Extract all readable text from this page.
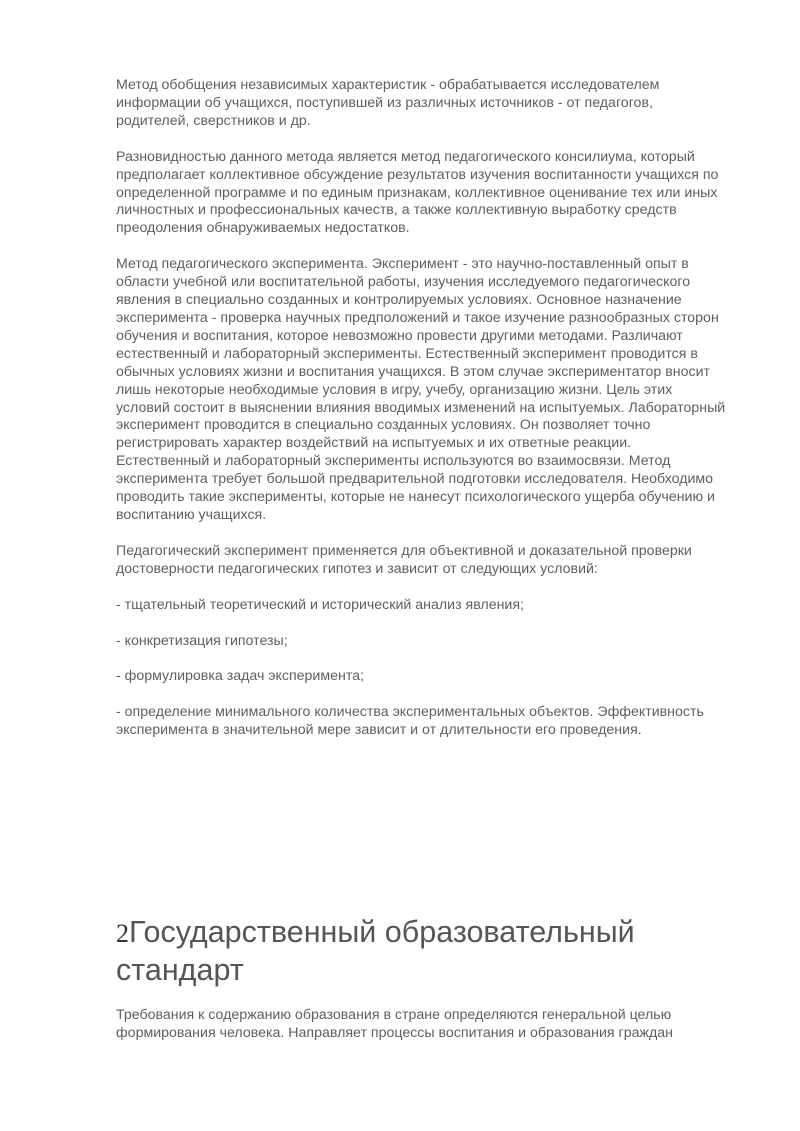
Метод обобщения независимых характеристик - обрабатывается исследователем информации об учащихся, поступившей из различных источников - от педагогов, родителей, сверстников и др.

Разновидностью данного метода является метод педагогического консилиума, который предполагает коллективное обсуждение результатов изучения воспитанности учащихся по определенной программе и по единым признакам, коллективное оценивание тех или иных личностных и профессиональных качеств, а также коллективную выработку средств преодоления обнаруживаемых недостатков.

Метод педагогического эксперимента. Эксперимент - это научно-поставленный опыт в области учебной или воспитательной работы, изучения исследуемого педагогического явления в специально созданных и контролируемых условиях. Основное назначение эксперимента - проверка научных предположений и такое изучение разнообразных сторон обучения и воспитания, которое невозможно провести другими методами. Различают естественный и лабораторный эксперименты. Естественный эксперимент проводится в обычных условиях жизни и воспитания учащихся. В этом случае экспериментатор вносит лишь некоторые необходимые условия в игру, учебу, организацию жизни. Цель этих условий состоит в выяснении влияния вводимых изменений на испытуемых. Лабораторный эксперимент проводится в специально созданных условиях. Он позволяет точно регистрировать характер воздействий на испытуемых и их ответные реакции. Естественный и лабораторный эксперименты используются во взаимосвязи. Метод эксперимента требует большой предварительной подготовки исследователя. Необходимо проводить такие эксперименты, которые не нанесут психологического ущерба обучению и воспитанию учащихся.

Педагогический эксперимент применяется для объективной и доказательной проверки достоверности педагогических гипотез и зависит от следующих условий:

- тщательный теоретический и исторический анализ явления;

- конкретизация гипотезы;

- формулировка задач эксперимента;

- определение минимального количества экспериментальных объектов. Эффективность эксперимента в значительной мере зависит и от длительности его проведения.

2Государственный образовательный стандарт

Требования к содержанию образования в стране определяются генеральной целью формирования человека. Направляет процессы воспитания и образования граждан
